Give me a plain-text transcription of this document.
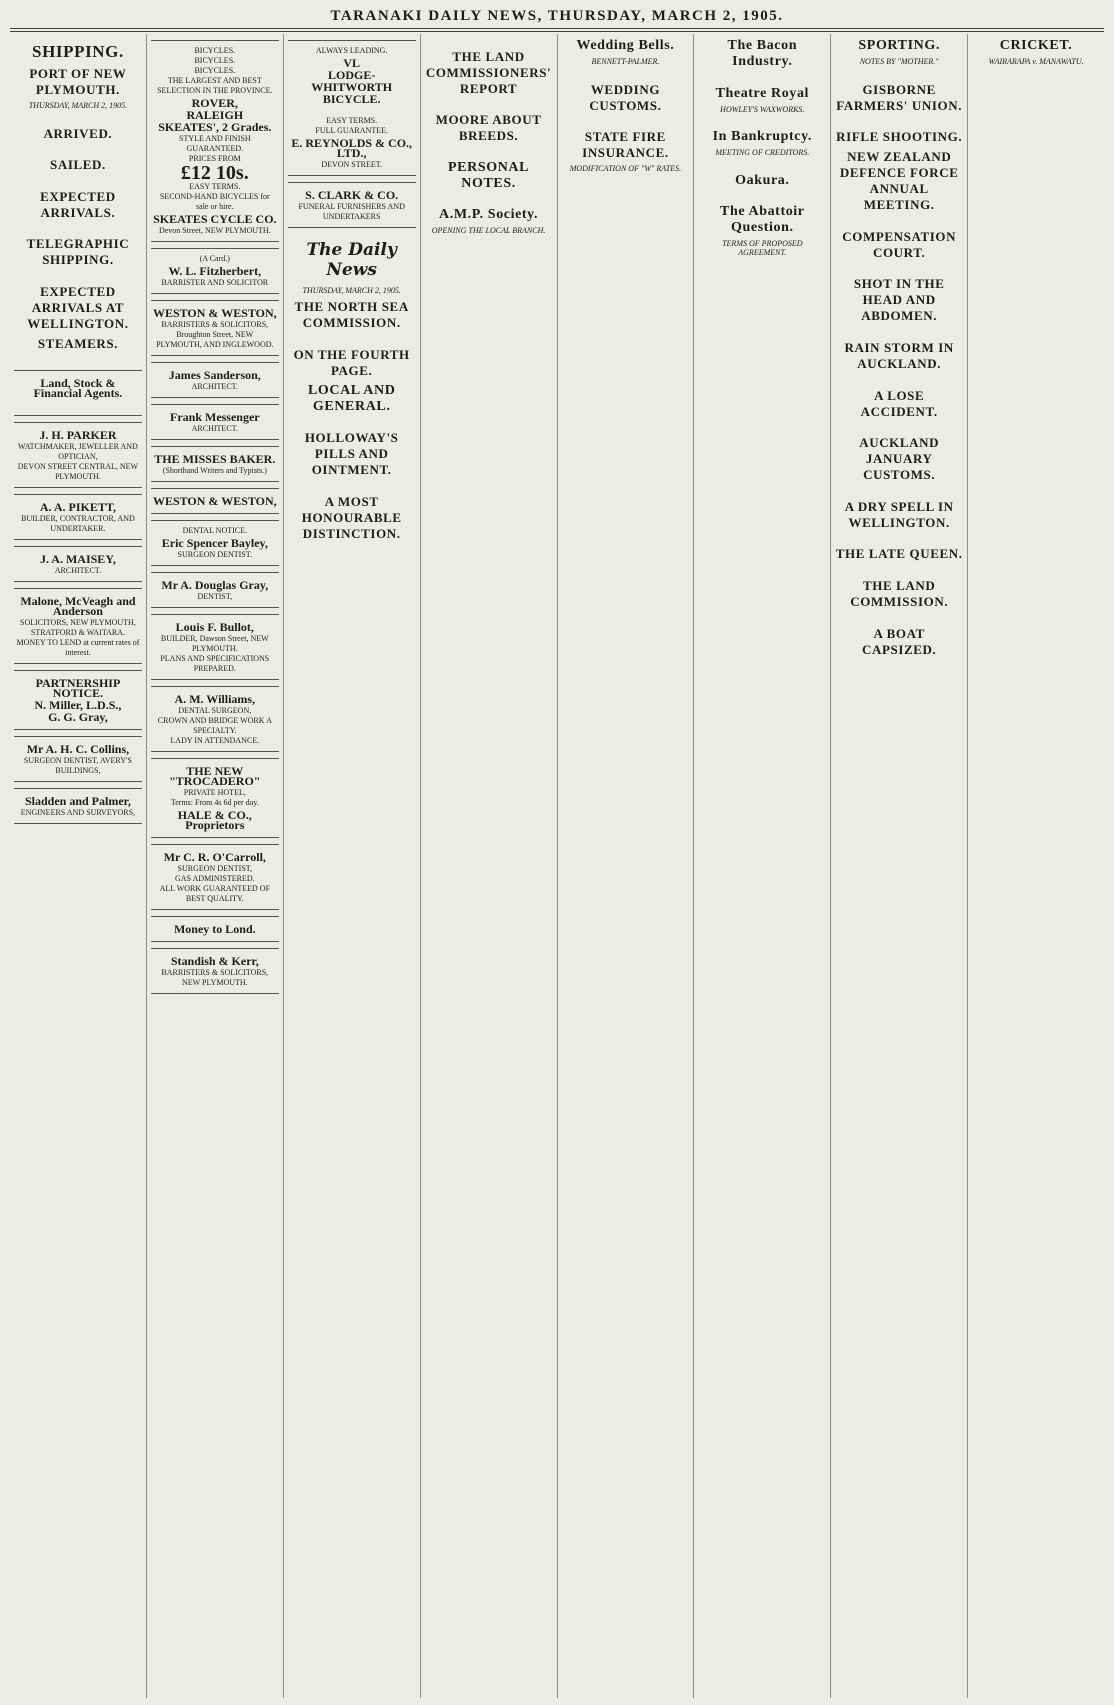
TARANAKI DAILY NEWS, THURSDAY, MARCH 2, 1905.
SHIPPING.
PORT OF NEW PLYMOUTH.
THURSDAY, MARCH 2, 1905.

ARRIVED.

SAILED.

EXPECTED ARRIVALS.

TELEGRAPHIC SHIPPING.

EXPECTED ARRIVALS AT WELLINGTON.
STEAMERS.

Land, Stock & Financial Agents.

J. H. PARKER
WATCHMAKER, JEWELLER AND OPTICIAN,
DEVON STREET CENTRAL, NEW PLYMOUTH.
A. A. PIKETT,
BUILDER, CONTRACTOR, AND UNDERTAKER.
J. A. MAISEY,
ARCHITECT.
Malone, McVeagh and Anderson
SOLICITORS, NEW PLYMOUTH, STRATFORD & WAITARA.
MONEY TO LEND at current rates of interest.
PARTNERSHIP NOTICE.
N. Miller, L.D.S.,
G. G. Gray,
Mr A. H. C. Collins,
SURGEON DENTIST, AVERY'S BUILDINGS,
Sladden and Palmer,
ENGINEERS AND SURVEYORS,
BICYCLES.
BICYCLES.
BICYCLES.
THE LARGEST AND BEST SELECTION IN THE PROVINCE.
ROVER,
RALEIGH
SKEATES', 2 Grades.
STYLE AND FINISH GUARANTEED.
PRICES FROM
£12 10s.
EASY TERMS.
SECOND-HAND BICYCLES for sale or hire.
SKEATES CYCLE CO.
Devon Street, NEW PLYMOUTH.
(A Card.)
W. L. Fitzherbert,
BARRISTER AND SOLICITOR
WESTON & WESTON,
BARRISTERS & SOLICITORS, Broughton Street, NEW PLYMOUTH, AND INGLEWOOD.
James Sanderson,
ARCHITECT.
Frank Messenger
ARCHITECT.
THE MISSES BAKER.
(Shorthand Writers and Typists.)
WESTON & WESTON,
DENTAL NOTICE.
Eric Spencer Bayley,
SURGEON DENTIST.
Mr A. Douglas Gray,
DENTIST,
Louis F. Bullot,
BUILDER, Dawson Street, NEW PLYMOUTH.
PLANS AND SPECIFICATIONS PREPARED.
A. M. Williams,
DENTAL SURGEON,
CROWN AND BRIDGE WORK A SPECIALTY.
LADY IN ATTENDANCE.
THE NEW "TROCADERO"
PRIVATE HOTEL,
Terms: From 4s 6d per day.
HALE & CO., Proprietors
Mr C. R. O'Carroll,
SURGEON DENTIST,
GAS ADMINISTERED.
ALL WORK GUARANTEED OF BEST QUALITY.
Money to Lond.
Standish & Kerr,
BARRISTERS & SOLICITORS, NEW PLYMOUTH.
ALWAYS LEADING.
VL
LODGE-
WHITWORTH
BICYCLE.

EASY TERMS.
FULL GUARANTEE.
E. REYNOLDS & CO., LTD.,
DEVON STREET.
S. CLARK & CO.
FUNERAL FURNISHERS AND UNDERTAKERS
The Daily News
THURSDAY, MARCH 2, 1905.
THE NORTH SEA COMMISSION.

ON THE FOURTH PAGE.
LOCAL AND GENERAL.

HOLLOWAY'S PILLS AND OINTMENT.

A MOST HONOURABLE DISTINCTION.

THE LAND COMMISSIONERS' REPORT

MOORE ABOUT BREEDS.

PERSONAL NOTES.

A.M.P. Society.
OPENING THE LOCAL BRANCH.

Wedding Bells.
BENNETT-PALMER.

WEDDING CUSTOMS.

STATE FIRE INSURANCE.
MODIFICATION OF "W" RATES.

The Bacon Industry.

Theatre Royal
HOWLEY'S WAXWORKS.

In Bankruptcy.
MEETING OF CREDITORS.

Oakura.

The Abattoir Question.
TERMS OF PROPOSED AGREEMENT.

SPORTING.
NOTES BY "MOTHER."

GISBORNE FARMERS' UNION.

RIFLE SHOOTING.
NEW ZEALAND DEFENCE FORCE ANNUAL MEETING.

COMPENSATION COURT.

SHOT IN THE HEAD AND ABDOMEN.

RAIN STORM IN AUCKLAND.

A LOSE ACCIDENT.

AUCKLAND JANUARY CUSTOMS.

A DRY SPELL IN WELLINGTON.

THE LATE QUEEN.

THE LAND COMMISSION.

A BOAT CAPSIZED.

CRICKET.
WAIRARAPA v. MANAWATU.
